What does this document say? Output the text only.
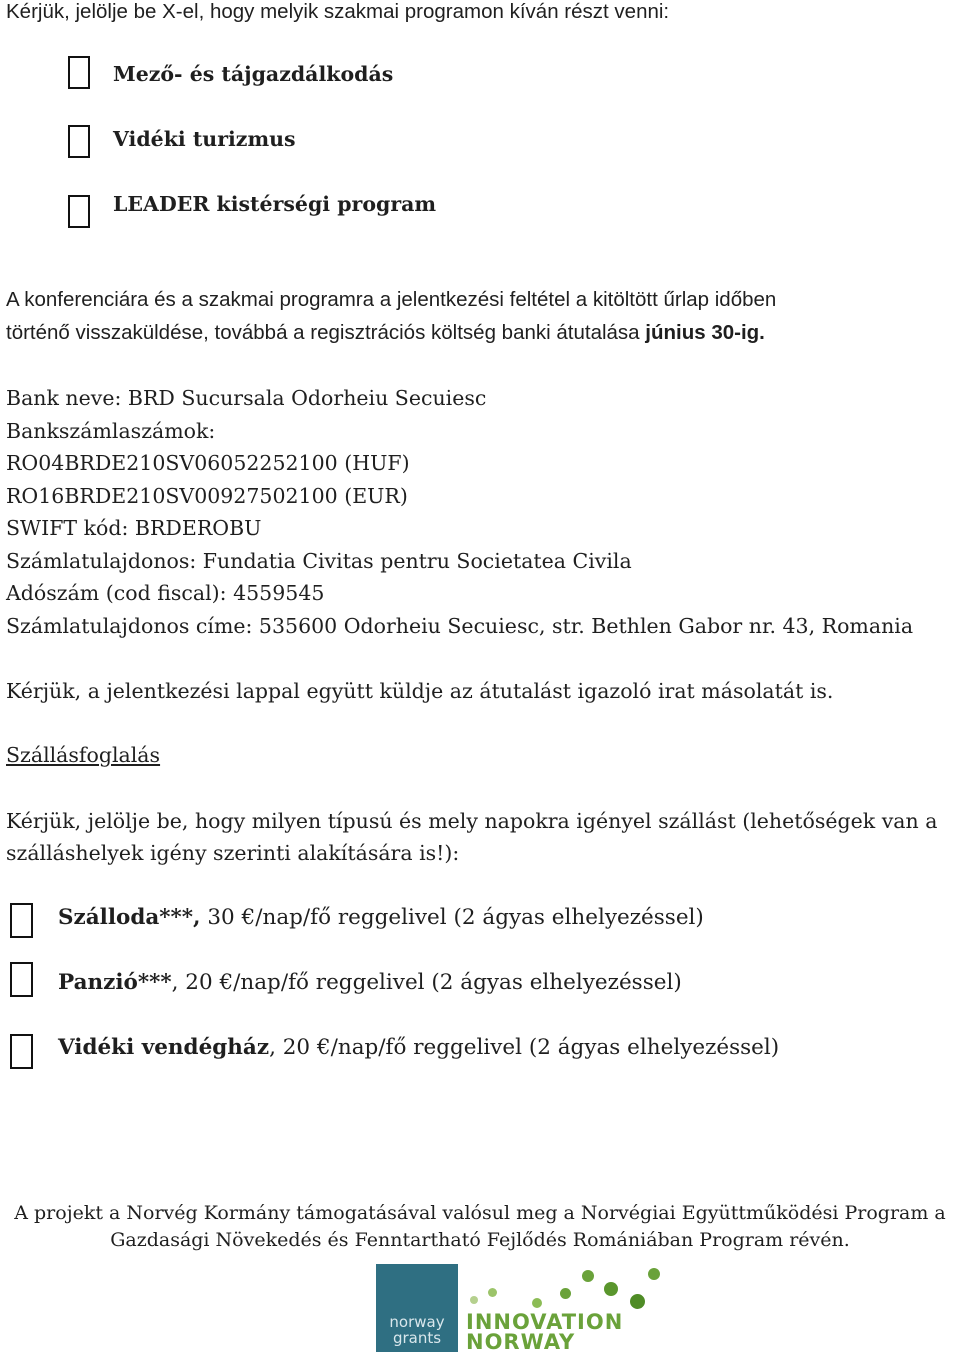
Kérjük, jelölje be X-el, hogy melyik szakmai programon kíván részt venni:
Mező- és tájgazdálkodás
Vidéki turizmus
LEADER kistérségi program
A konferenciára és a szakmai programra a jelentkezési feltétel a kitöltött űrlap időben
történő visszaküldése, továbbá a regisztrációs költség banki átutalása június 30-ig.
Bank neve: BRD Sucursala Odorheiu Secuiesc
Bankszámlaszámok:
RO04BRDE210SV06052252100 (HUF)
RO16BRDE210SV00927502100 (EUR)
SWIFT kód: BRDEROBU
Számlatulajdonos: Fundatia Civitas pentru Societatea Civila
Adószám (cod fiscal): 4559545
Számlatulajdonos címe: 535600 Odorheiu Secuiesc, str. Bethlen Gabor nr. 43, Romania
Kérjük, a jelentkezési lappal együtt küldje az átutalást igazoló irat másolatát is.
Szállásfoglalás
Kérjük, jelölje be, hogy milyen típusú és mely napokra igényel szállást (lehetőségek van a
szálláshelyek igény szerinti alakítására is!):
Szálloda***, 30 €/nap/fő reggelivel (2 ágyas elhelyezéssel)
Panzió***, 20 €/nap/fő reggelivel (2 ágyas elhelyezéssel)
Vidéki vendégház, 20 €/nap/fő reggelivel (2 ágyas elhelyezéssel)
A projekt a Norvég Kormány támogatásával valósul meg a Norvégiai Együttműködési Program a
Gazdasági Növekedés és Fenntartható Fejlődés Romániában Program révén.
norway
grants
INNOVATION
NORWAY
